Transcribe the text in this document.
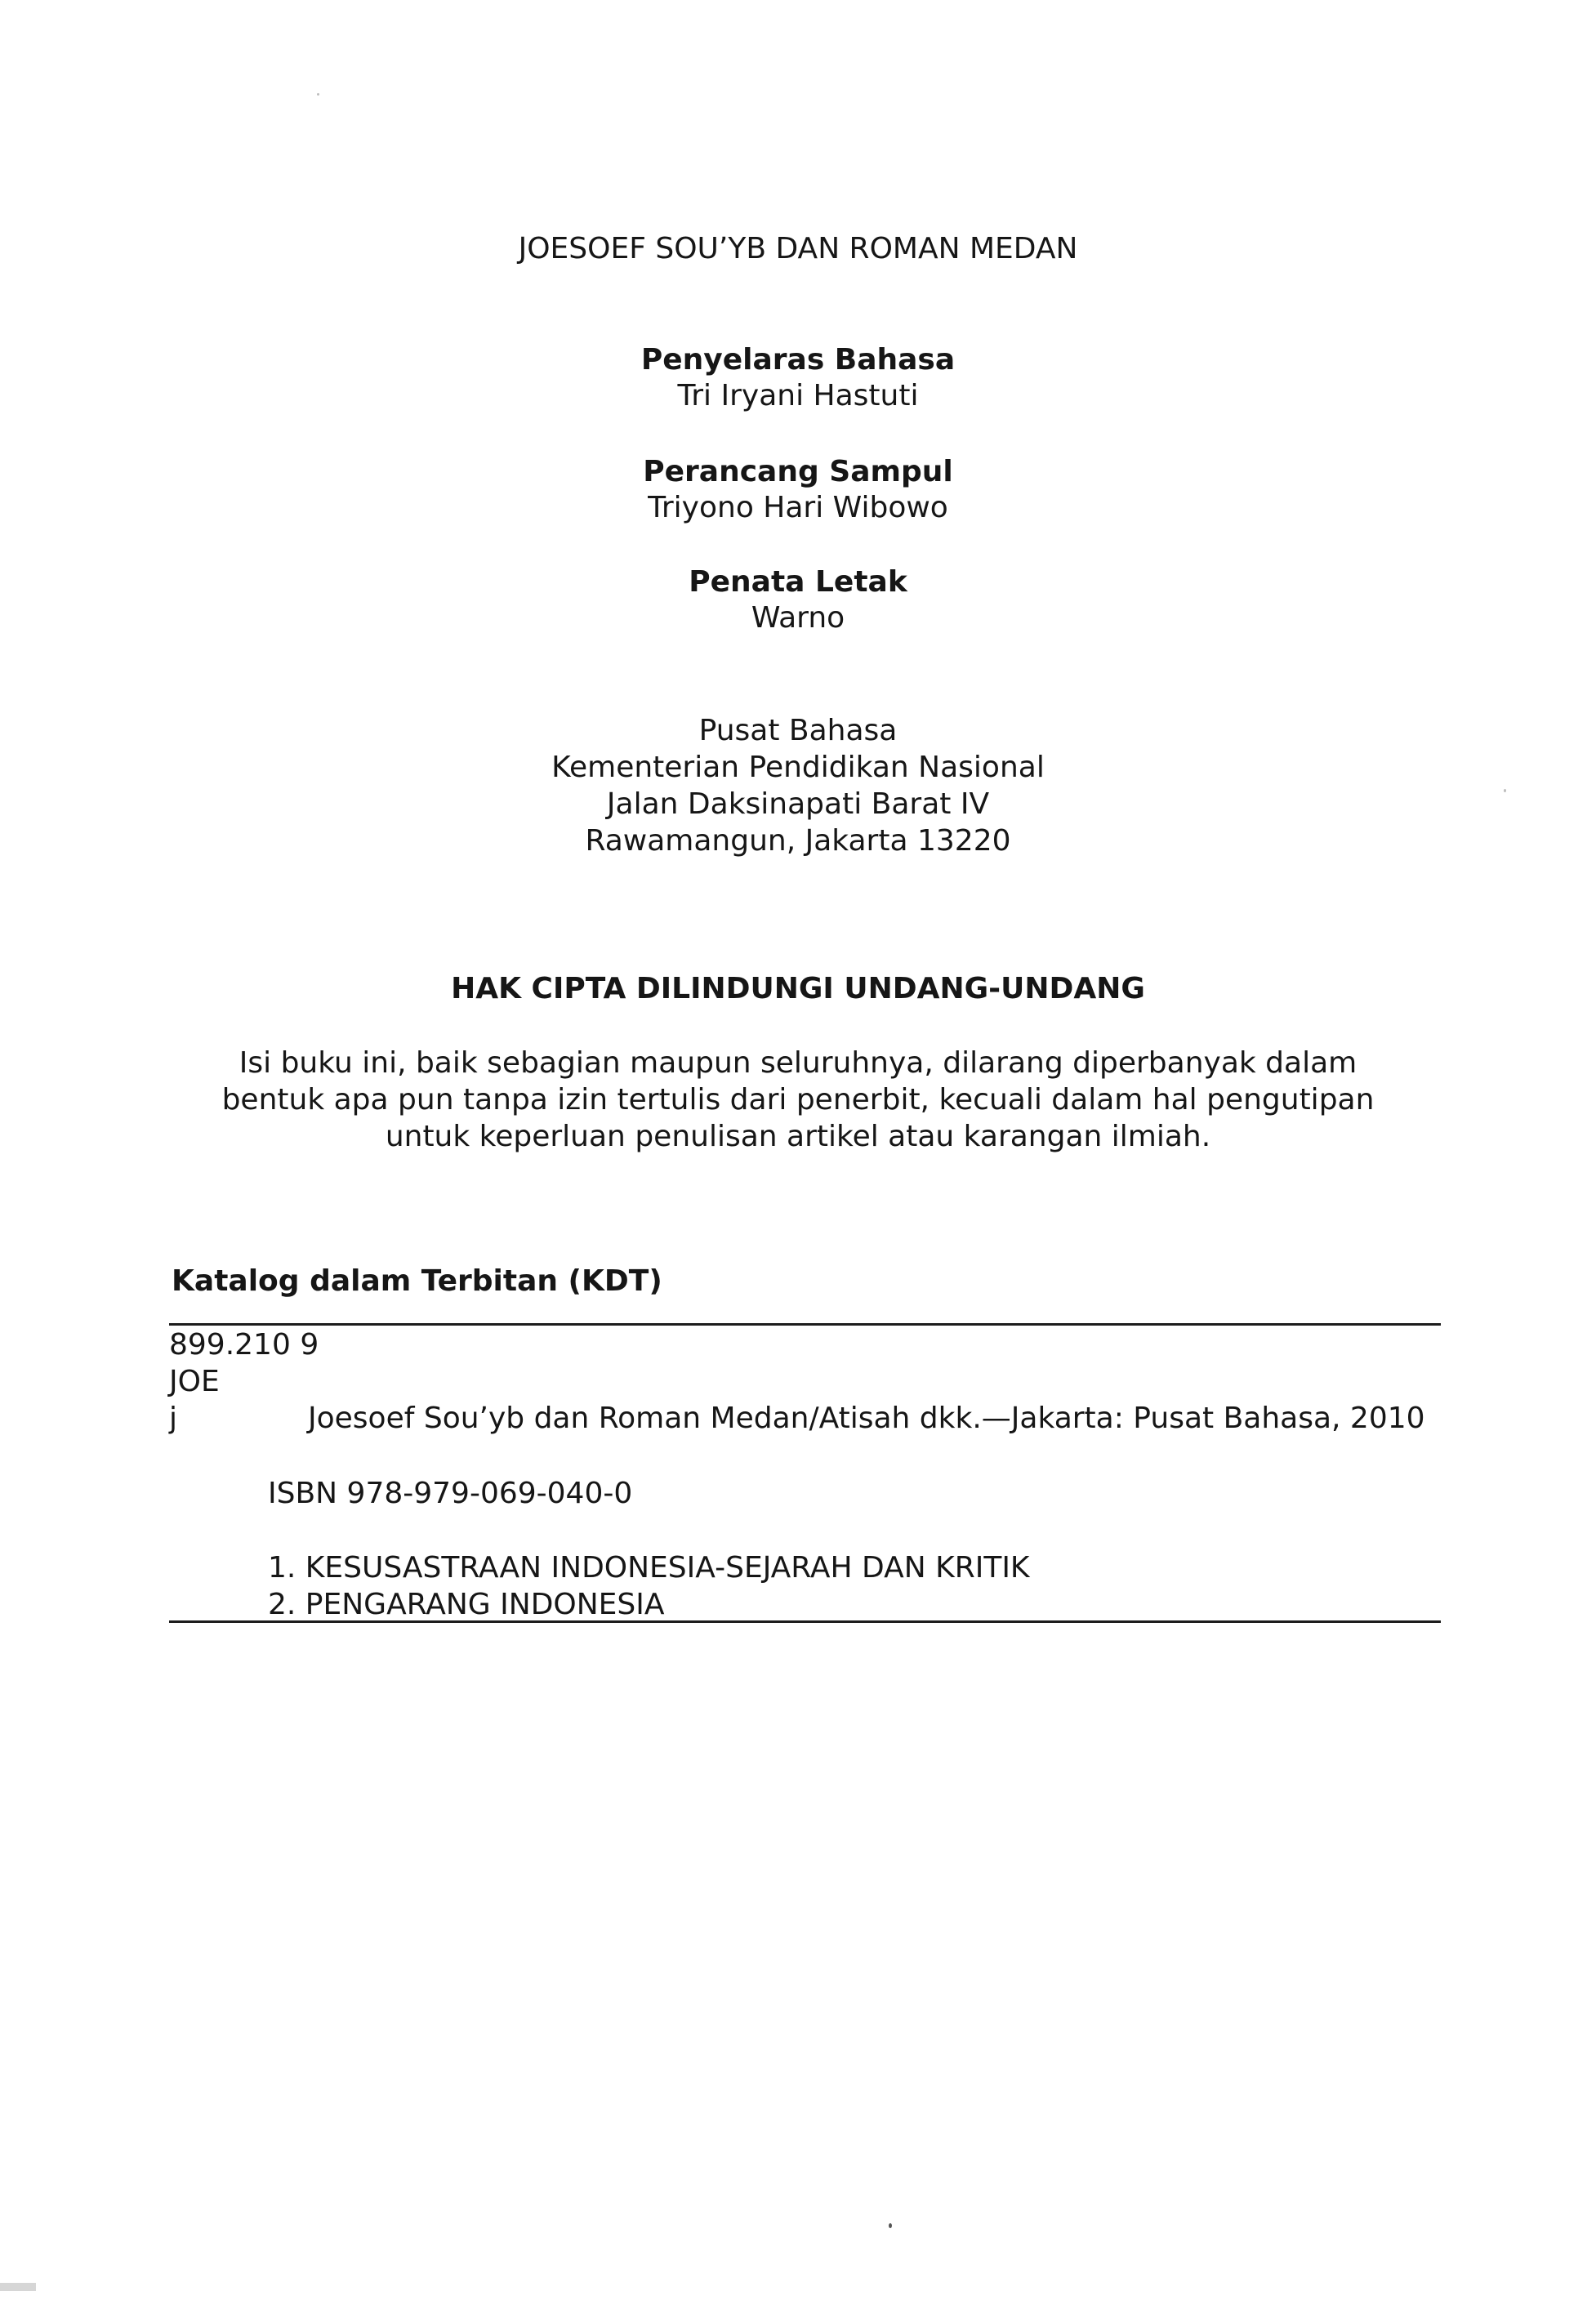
JOESOEF SOU’YB DAN ROMAN MEDAN

Penyelaras Bahasa

Tri Iryani Hastuti

Perancang Sampul

Triyono Hari Wibowo

Penata Letak

Warno

Pusat Bahasa

Kementerian Pendidikan Nasional

Jalan Daksinapati Barat IV

Rawamangun, Jakarta 13220

HAK CIPTA DILINDUNGI UNDANG-UNDANG

Isi buku ini, baik sebagian maupun seluruhnya, dilarang diperbanyak dalam

bentuk apa pun tanpa izin tertulis dari penerbit, kecuali dalam hal pengutipan

untuk keperluan penulisan artikel atau karangan ilmiah.

Katalog dalam Terbitan (KDT)

899.210 9

JOE

j	Joesoef Sou’yb dan Roman Medan/Atisah dkk.—Jakarta: Pusat Bahasa, 2010

ISBN 978-979-069-040-0

1. KESUSASTRAAN INDONESIA-SEJARAH DAN KRITIK

2. PENGARANG INDONESIA
